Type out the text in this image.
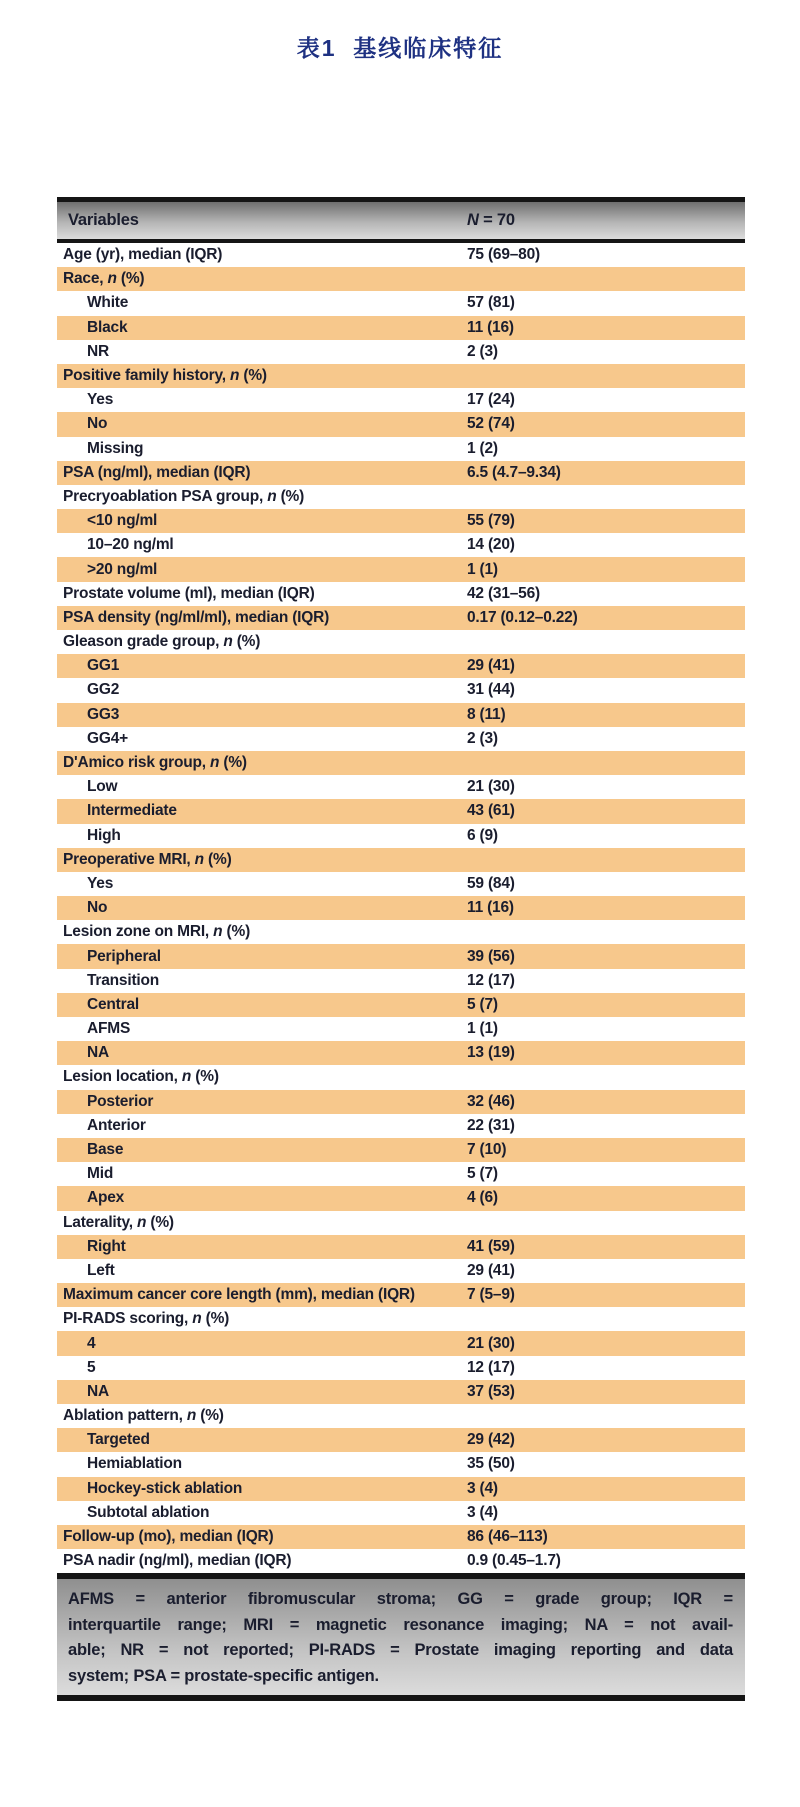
表1  基线临床特征
Variables	N = 70
Age (yr), median (IQR)	75 (69–80)
Race, n (%)
White	57 (81)
Black	11 (16)
NR	2 (3)
Positive family history, n (%)
Yes	17 (24)
No	52 (74)
Missing	1 (2)
PSA (ng/ml), median (IQR)	6.5 (4.7–9.34)
Precryoablation PSA group, n (%)
<10 ng/ml	55 (79)
10–20 ng/ml	14 (20)
>20 ng/ml	1 (1)
Prostate volume (ml), median (IQR)	42 (31–56)
PSA density (ng/ml/ml), median (IQR)	0.17 (0.12–0.22)
Gleason grade group, n (%)
GG1	29 (41)
GG2	31 (44)
GG3	8 (11)
GG4+	2 (3)
D'Amico risk group, n (%)
Low	21 (30)
Intermediate	43 (61)
High	6 (9)
Preoperative MRI, n (%)
Yes	59 (84)
No	11 (16)
Lesion zone on MRI, n (%)
Peripheral	39 (56)
Transition	12 (17)
Central	5 (7)
AFMS	1 (1)
NA	13 (19)
Lesion location, n (%)
Posterior	32 (46)
Anterior	22 (31)
Base	7 (10)
Mid	5 (7)
Apex	4 (6)
Laterality, n (%)
Right	41 (59)
Left	29 (41)
Maximum cancer core length (mm), median (IQR)	7 (5–9)
PI-RADS scoring, n (%)
4	21 (30)
5	12 (17)
NA	37 (53)
Ablation pattern, n (%)
Targeted	29 (42)
Hemiablation	35 (50)
Hockey-stick ablation	3 (4)
Subtotal ablation	3 (4)
Follow-up (mo), median (IQR)	86 (46–113)
PSA nadir (ng/ml), median (IQR)	0.9 (0.45–1.7)
AFMS = anterior fibromuscular stroma; GG = grade group; IQR =
interquartile range; MRI = magnetic resonance imaging; NA = not avail-
able; NR = not reported; PI-RADS = Prostate imaging reporting and data
system; PSA = prostate-specific antigen.
